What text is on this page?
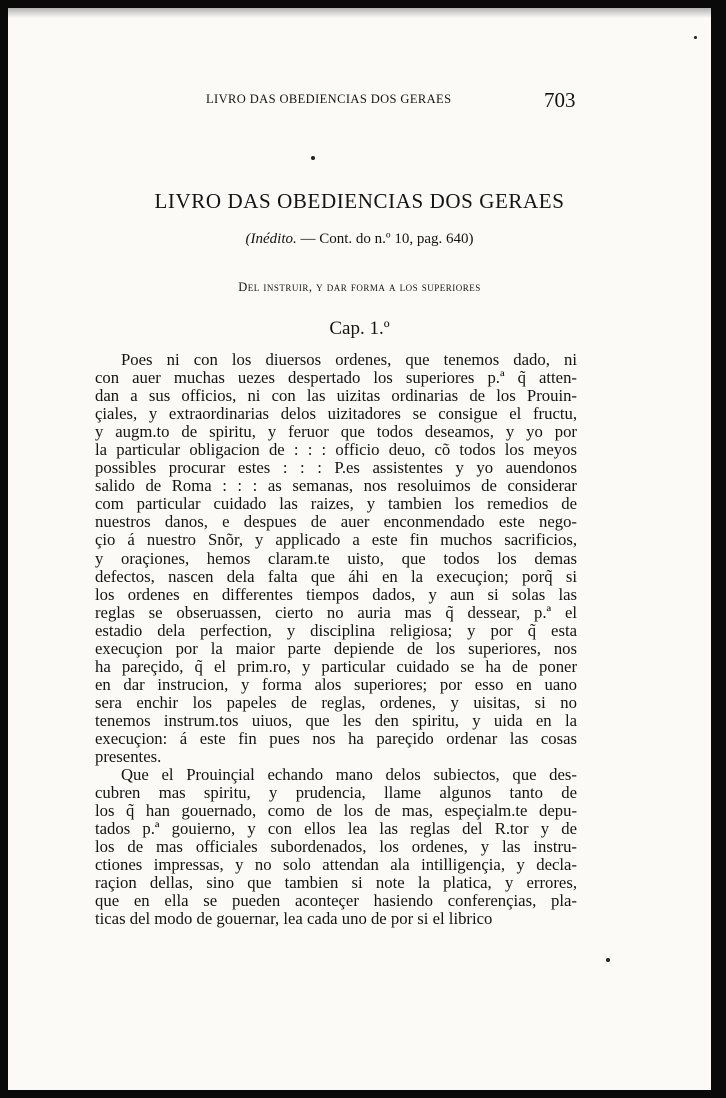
LIVRO DAS OBEDIENCIAS DOS GERAES	703
LIVRO DAS OBEDIENCIAS DOS GERAES
(Inédito. — Cont. do n.º 10, pag. 640)
Del instruir, y dar forma a los superiores
Cap. 1.º
Poes ni con los diuersos ordenes, que tenemos dado, ni
con auer muchas uezes despertado los superiores p.ª q̃ atten-
dan a sus officios, ni con las uizitas ordinarias de los Prouin-
çiales, y extraordinarias delos uizitadores se consigue el fructu,
y augm.to de spiritu, y feruor que todos deseamos, y yo por
la particular obligacion de : : : officio deuo, cõ todos los meyos
possibles procurar estes : : : P.es assistentes y yo auendonos
salido de Roma : : : as semanas, nos resoluimos de considerar
com particular cuidado las raizes, y tambien los remedios de
nuestros danos, e despues de auer enconmendado este nego-
çio á nuestro Snõr, y applicado a este fin muchos sacrificios,
y oraçiones, hemos claram.te uisto, que todos los demas
defectos, nascen dela falta que áhi en la execuçion; porq̃ si
los ordenes en differentes tiempos dados, y aun si solas las
reglas se obseruassen, cierto no auria mas q̃ dessear, p.ª el
estadio dela perfection, y disciplina religiosa; y por q̃ esta
execuçion por la maior parte depiende de los superiores, nos
ha pareçido, q̃ el prim.ro, y particular cuidado se ha de poner
en dar instrucion, y forma alos superiores; por esso en uano
sera enchir los papeles de reglas, ordenes, y uisitas, si no
tenemos instrum.tos uiuos, que les den spiritu, y uida en la
execuçion: á este fin pues nos ha pareçido ordenar las cosas
presentes.
Que el Prouinçial echando mano delos subiectos, que des-
cubren mas spiritu, y prudencia, llame algunos tanto de
los q̃ han gouernado, como de los de mas, espeçialm.te depu-
tados p.ª gouierno, y con ellos lea las reglas del R.tor y de
los de mas officiales subordenados, los ordenes, y las instru-
ctiones impressas, y no solo attendan ala intilligençia, y decla-
raçion dellas, sino que tambien si note la platica, y errores,
que en ella se pueden aconteçer hasiendo conferençias, pla-
ticas del modo de gouernar, lea cada uno de por si el librico
